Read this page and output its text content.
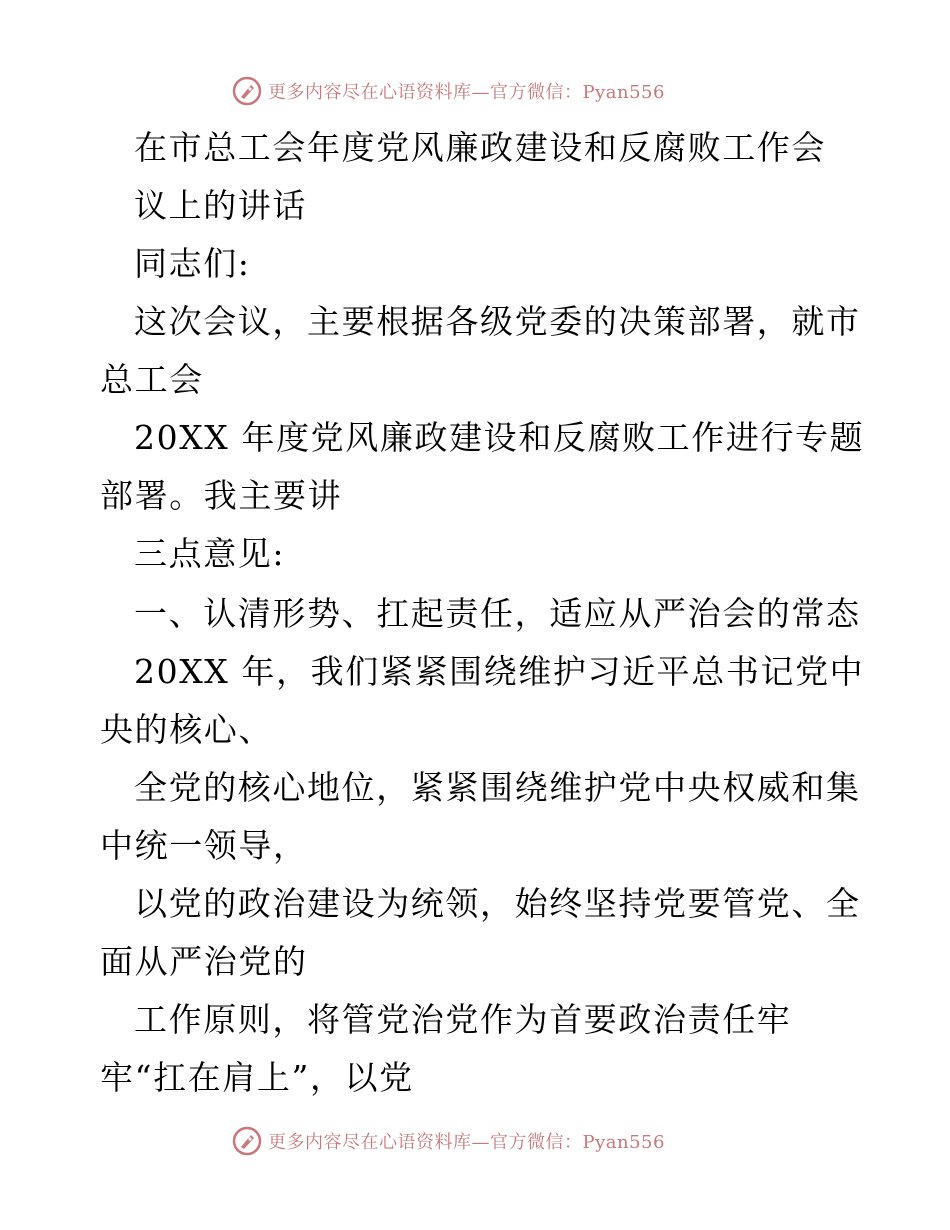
更多内容尽在心语资料库—官方微信：Pyan556
在市总工会年度党风廉政建设和反腐败工作会
议上的讲话
同志们:
这次会议，主要根据各级党委的决策部署，就市
总工会
20XX 年度党风廉政建设和反腐败工作进行专题
部署。我主要讲
三点意见:
一、认清形势、扛起责任，适应从严治会的常态
20XX 年，我们紧紧围绕维护习近平总书记党中
央的核心、
全党的核心地位，紧紧围绕维护党中央权威和集
中统一领导，
以党的政治建设为统领，始终坚持党要管党、全
面从严治党的
工作原则，将管党治党作为首要政治责任牢
牢“扛在肩上”，以党
更多内容尽在心语资料库—官方微信：Pyan556
